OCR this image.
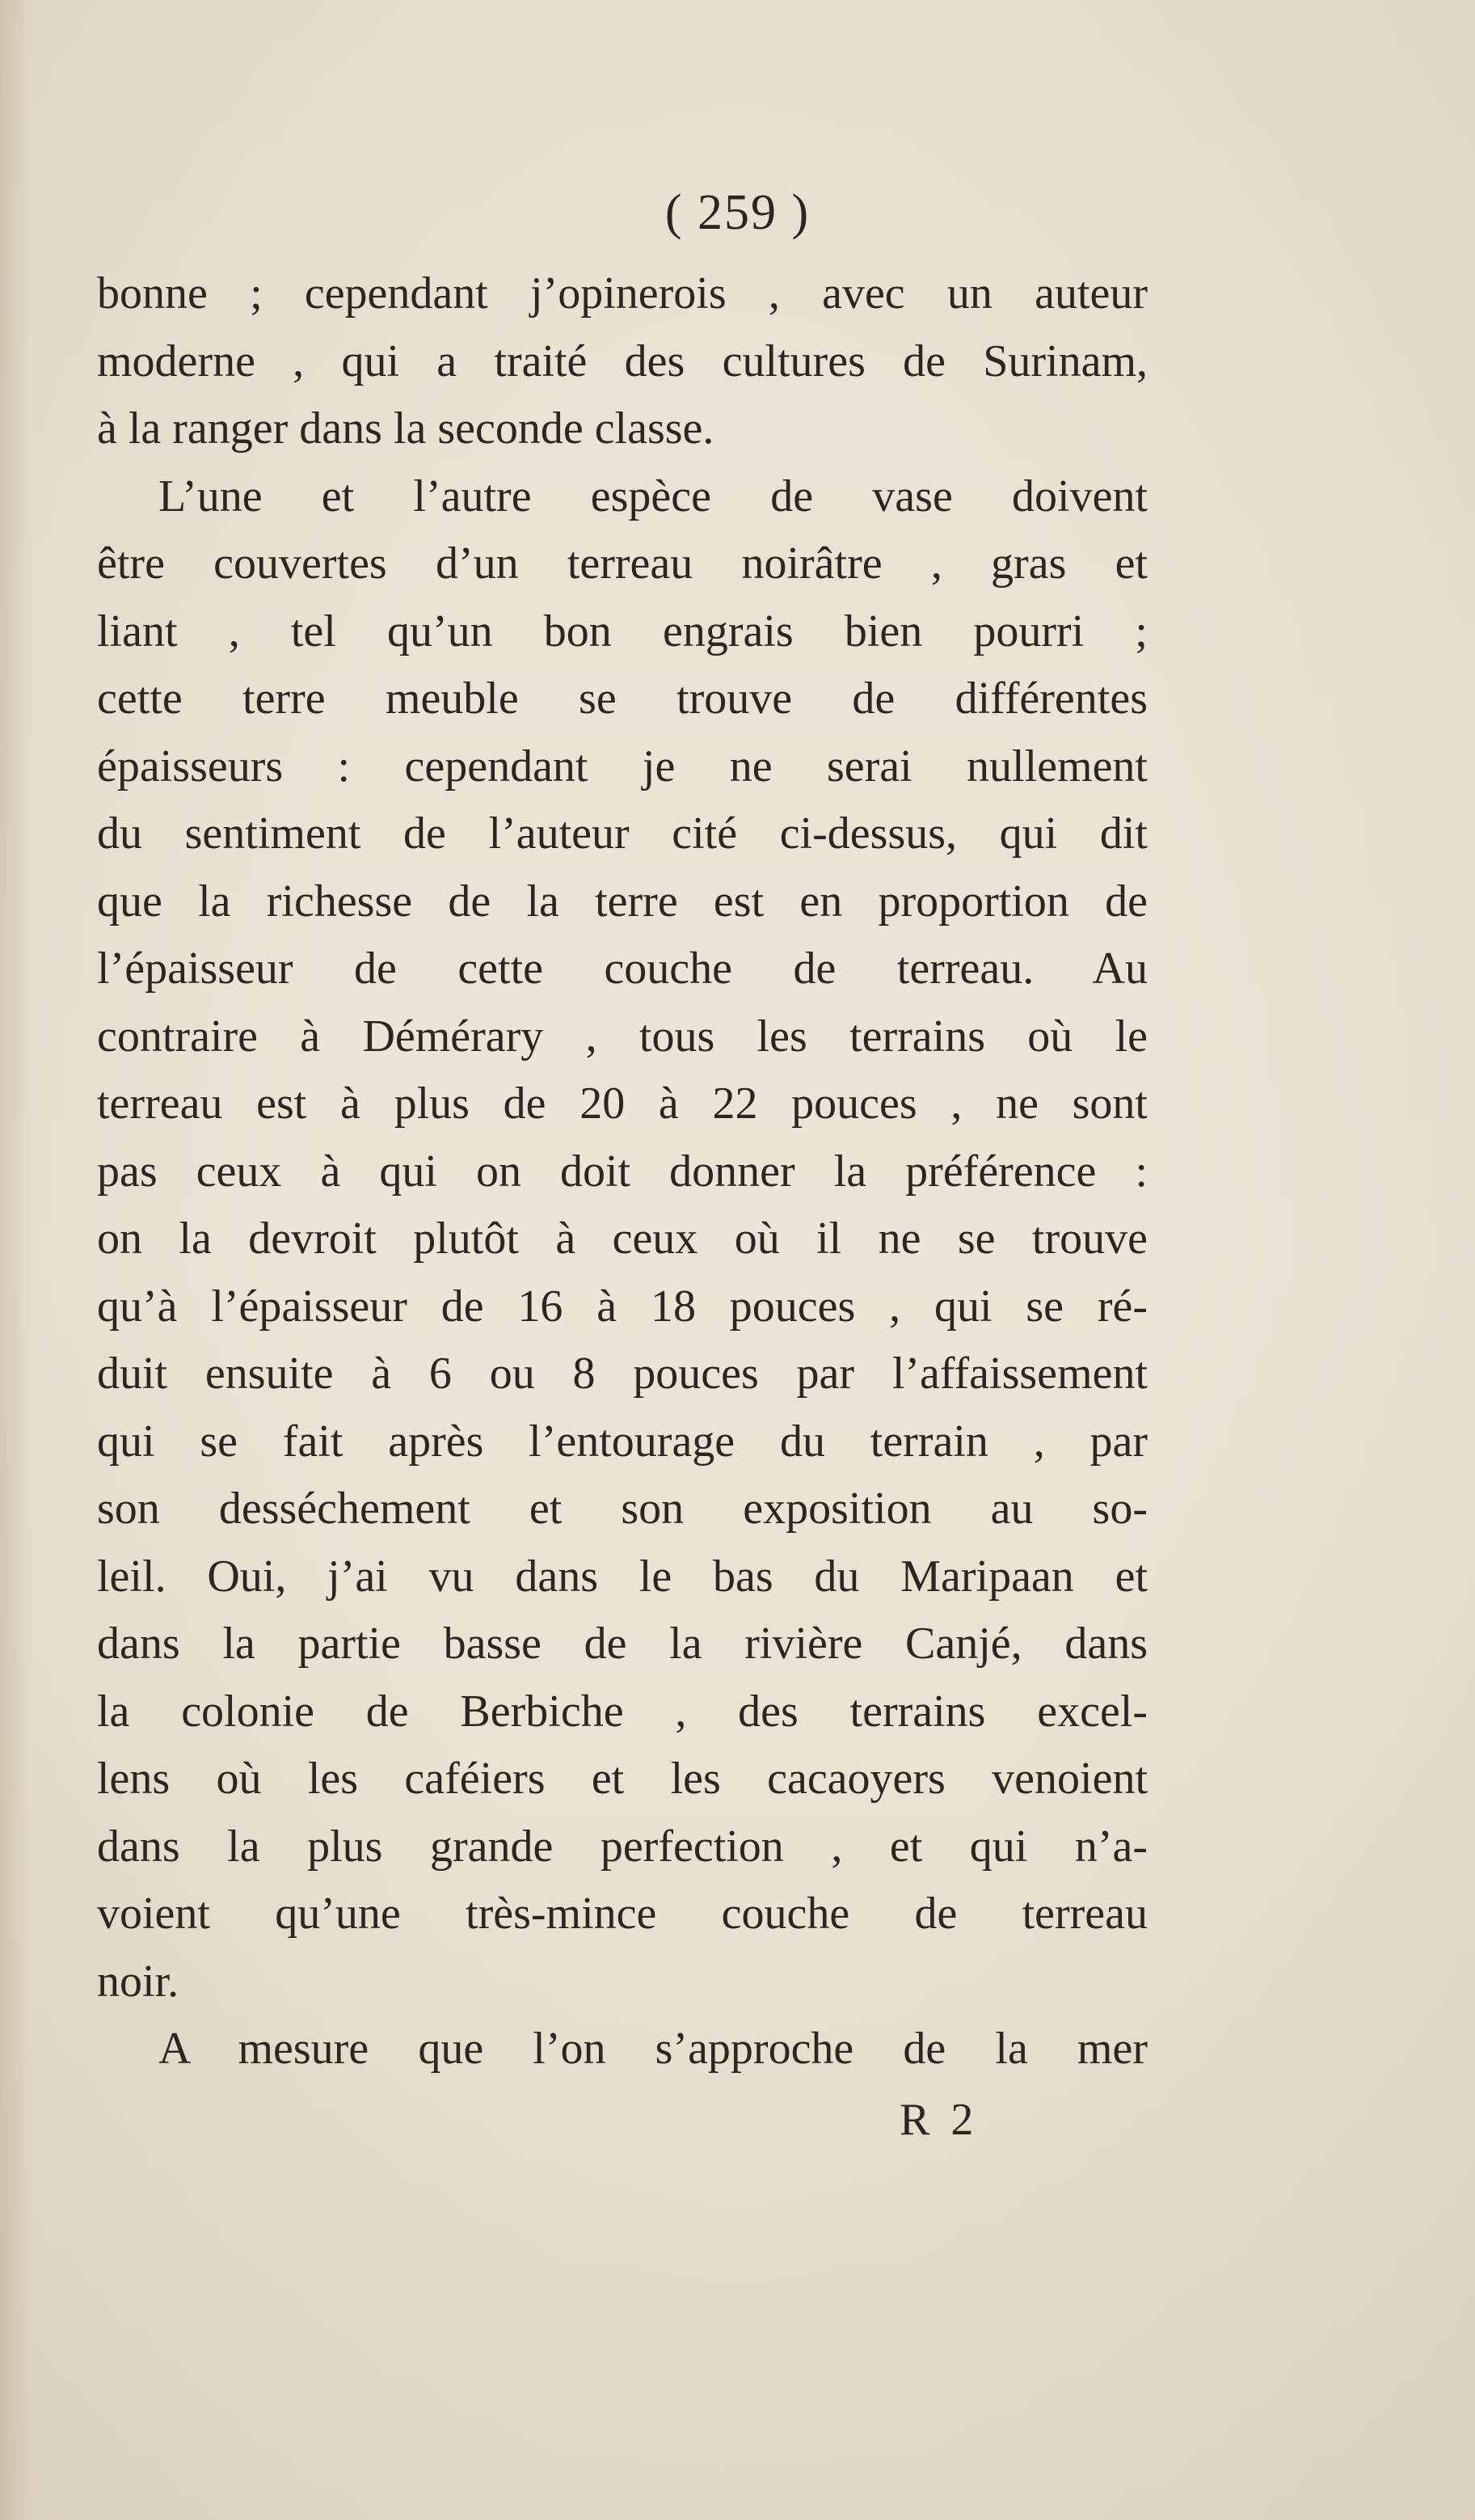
( 259 )
bonne ; cependant j’opinerois , avec un auteur
moderne , qui a traité des cultures de Surinam,
à la ranger dans la seconde classe.
L’une et l’autre espèce de vase doivent
être couvertes d’un terreau noirâtre , gras et
liant , tel qu’un bon engrais bien pourri ;
cette terre meuble se trouve de différentes
épaisseurs : cependant je ne serai nullement
du sentiment de l’auteur cité ci-dessus, qui dit
que la richesse de la terre est en proportion de
l’épaisseur de cette couche de terreau. Au
contraire à Démérary , tous les terrains où le
terreau est à plus de 20 à 22 pouces , ne sont
pas ceux à qui on doit donner la préférence :
on la devroit plutôt à ceux où il ne se trouve
qu’à l’épaisseur de 16 à 18 pouces , qui se ré-
duit ensuite à 6 ou 8 pouces par l’affaissement
qui se fait après l’entourage du terrain , par
son desséchement et son exposition au so-
leil. Oui, j’ai vu dans le bas du Maripaan et
dans la partie basse de la rivière Canjé, dans
la colonie de Berbiche , des terrains excel-
lens où les caféiers et les cacaoyers venoient
dans la plus grande perfection , et qui n’a-
voient qu’une très-mince couche de terreau
noir.
A mesure que l’on s’approche de la mer
R 2
